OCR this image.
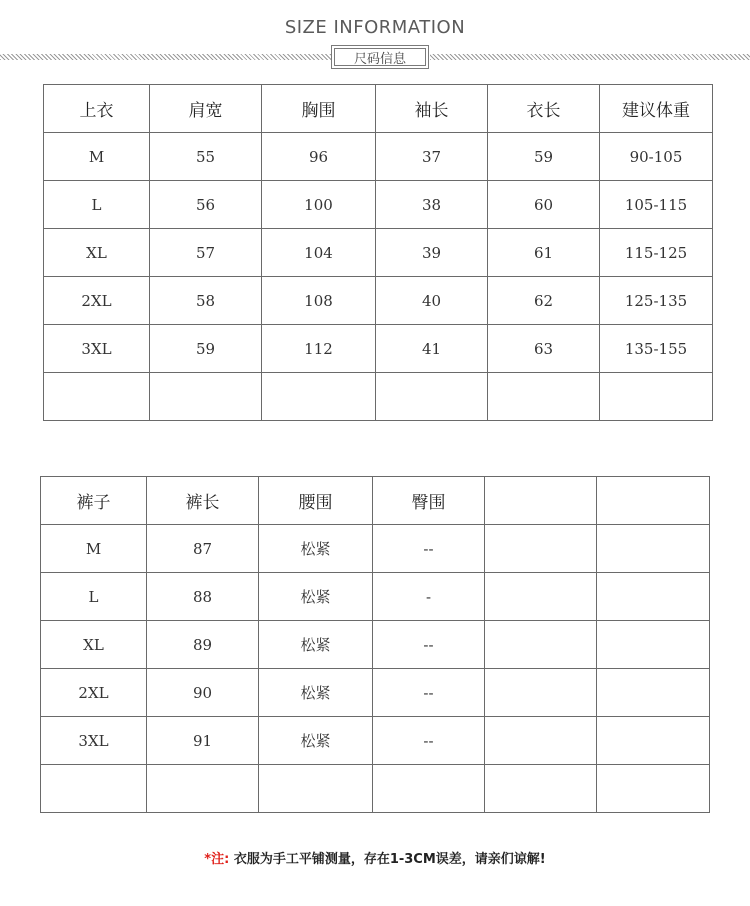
SIZE INFORMATION
尺码信息
上衣	肩宽	胸围	袖长	衣长	建议体重
M	55	96	37	59	90-105
L	56	100	38	60	105-115
XL	57	104	39	61	115-125
2XL	58	108	40	62	125-135
3XL	59	112	41	63	135-155

裤子	裤长	腰围	臀围		
M	87	松紧	--		
L	88	松紧	-		
XL	89	松紧	--		
2XL	90	松紧	--		
3XL	91	松紧	--		

*注: 衣服为手工平铺测量，存在1-3CM误差，请亲们谅解!
